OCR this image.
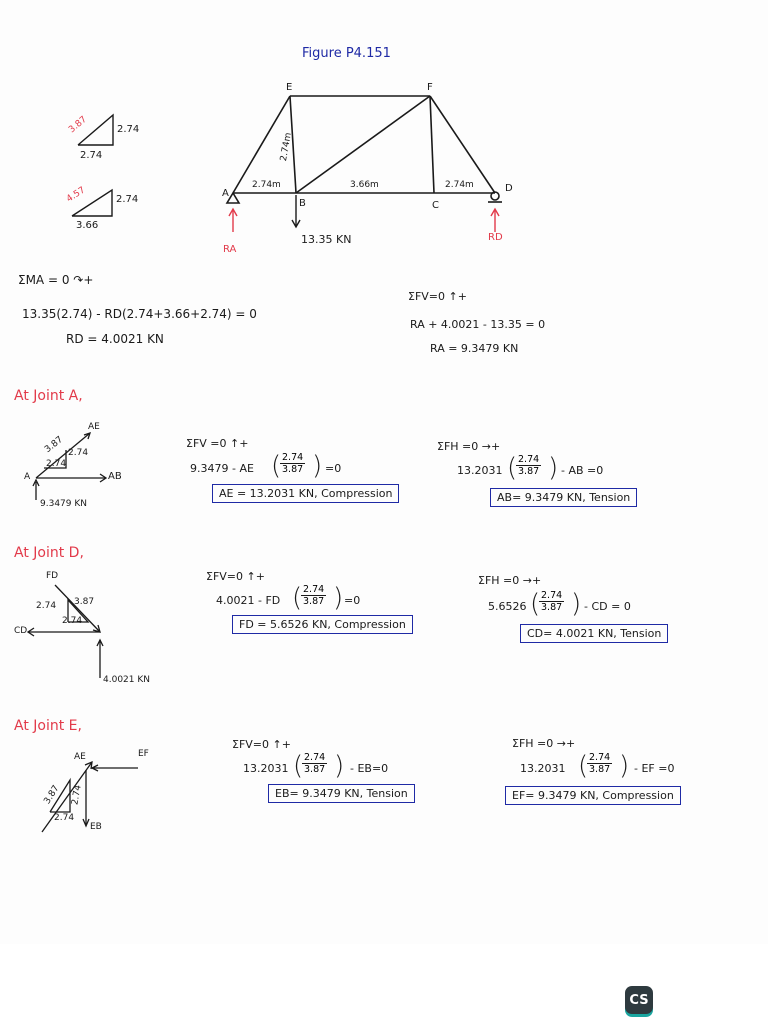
Figure P4.151
E	F
A
B	C
D
2.74m	3.66m	2.74m
2.74m
13.35 KN
RA
RD
3.87	2.74
2.74
4.57	2.74
3.66
ΣMA = 0 ↷+
13.35(2.74) - RD(2.74+3.66+2.74) = 0
RD = 4.0021 KN
ΣFV=0 ↑+
RA + 4.0021 - 13.35 = 0
RA = 9.3479 KN
At Joint A,
AE
AB
A
3.87 2.74
2.74
9.3479 KN
ΣFV =0 ↑+
9.3479 - AE (
$\frac{2.74}{3.87}$ ) =0
AE = 13.2031 KN, Compression
ΣFH =0 →+
13.2031 (
$\frac{2.74}{3.87}$ ) - AB =0
AB= 9.3479 KN, Tension
At Joint D,
FD
CD
3.87
2.74
2.74
4.0021 KN
ΣFV=0 ↑+
4.0021 - FD (
$\frac{2.74}{3.87}$ ) =0
FD = 5.6526 KN, Compression
ΣFH =0 →+
5.6526 (
$\frac{2.74}{3.87}$ ) - CD = 0
CD= 4.0021 KN, Tension
At Joint E,
AE	EF
EB
3.87 2.74
2.74
ΣFV=0 ↑+
13.2031 (
$\frac{2.74}{3.87}$ ) - EB=0
EB= 9.3479 KN, Tension
ΣFH =0 →+
13.2031 (
$\frac{2.74}{3.87}$ ) - EF =0
EF= 9.3479 KN, Compression
CS
